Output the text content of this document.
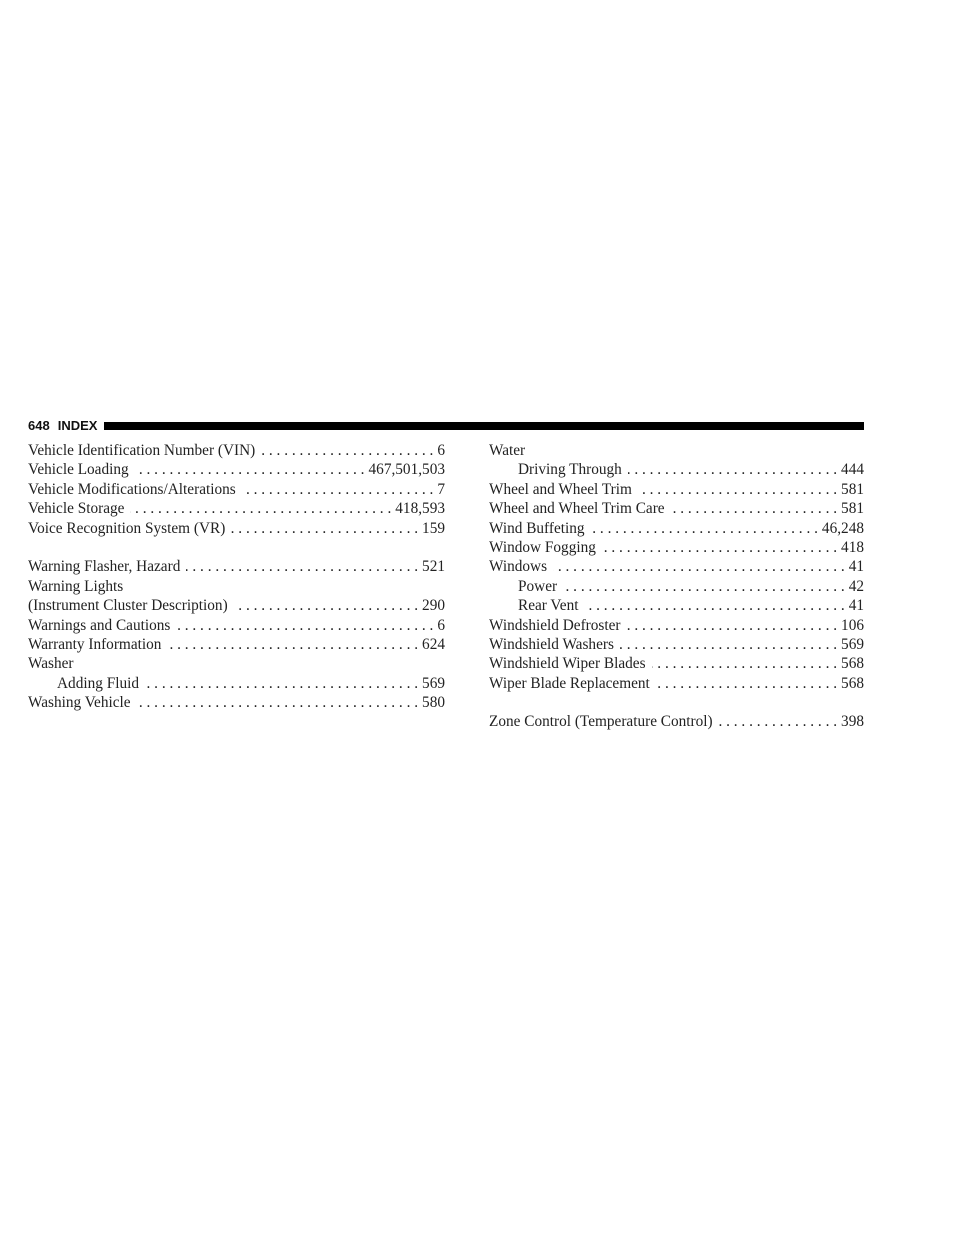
648 INDEX
Vehicle Identification Number (VIN) . . .	6
Vehicle Loading . . .	467,501,503
Vehicle Modifications/Alterations . . .	7
Vehicle Storage . . .	418,593
Voice Recognition System (VR) . . .	159
Warning Flasher, Hazard . . .	521
Warning Lights
(Instrument Cluster Description) . . .	290
Warnings and Cautions . . .	6
Warranty Information . . .	624
Washer
Adding Fluid . . .	569
Washing Vehicle . . .	580
Water
Driving Through . . .	444
Wheel and Wheel Trim . . .	581
Wheel and Wheel Trim Care . . .	581
Wind Buffeting . . .	46,248
Window Fogging . . .	418
Windows . . .	41
Power . . .	42
Rear Vent . . .	41
Windshield Defroster . . .	106
Windshield Washers . . .	569
Windshield Wiper Blades . . .	568
Wiper Blade Replacement . . .	568
Zone Control (Temperature Control) . . .	398
